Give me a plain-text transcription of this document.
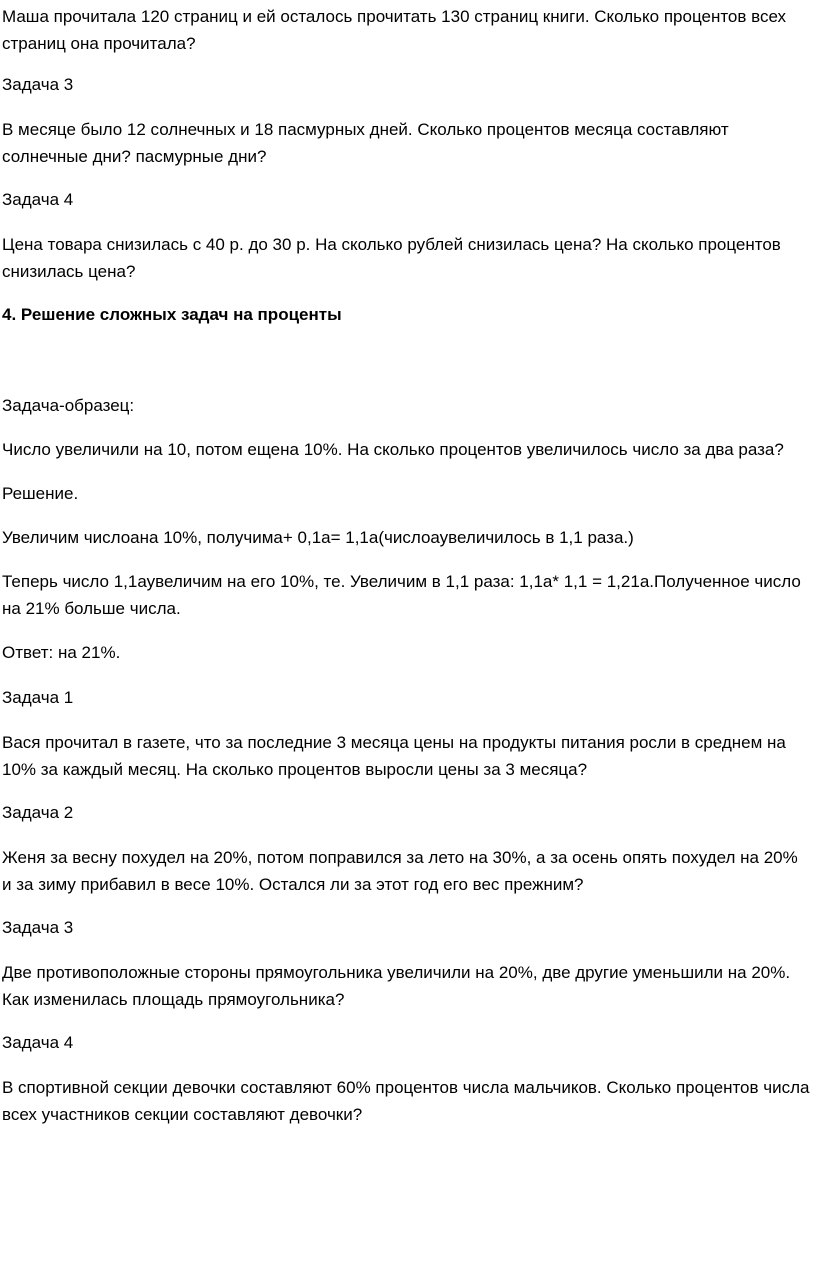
Маша прочитала 120 страниц и ей осталось прочитать 130 страниц книги. Сколько процентов всех страниц она прочитала?

Задача 3

В месяце было 12 солнечных и 18 пасмурных дней. Сколько процентов месяца составляют солнечные дни? пасмурные дни?

Задача 4

Цена товара снизилась с 40 р. до 30 р. На сколько рублей снизилась цена? На сколько процентов снизилась цена?

4. Решение сложных задач на проценты

Задача-образец:

Число увеличили на 10, потом ещена 10%. На сколько процентов увеличилось число за два раза?

Решение.

Увеличим числоана 10%, получима+ 0,1а= 1,1а(числоаувеличилось в 1,1 раза.)

Теперь число 1,1аувеличим на его 10%, те. Увеличим в 1,1 раза: 1,1а* 1,1 = 1,21а.Полученное число на 21% больше числа.

Ответ: на 21%.

Задача 1

Вася прочитал в газете, что за последние 3 месяца цены на продукты питания росли в среднем на 10% за каждый месяц. На сколько процентов выросли цены за 3 месяца?

Задача 2

Женя за весну похудел на 20%, потом поправился за лето на 30%, а за осень опять похудел на 20% и за зиму прибавил в весе 10%. Остался ли за этот год его вес прежним?

Задача 3

Две противоположные стороны прямоугольника увеличили на 20%, две другие уменьшили на 20%. Как изменилась площадь прямоугольника?

Задача 4

В спортивной секции девочки составляют 60% процентов числа мальчиков. Сколько процентов числа всех участников секции составляют девочки?
